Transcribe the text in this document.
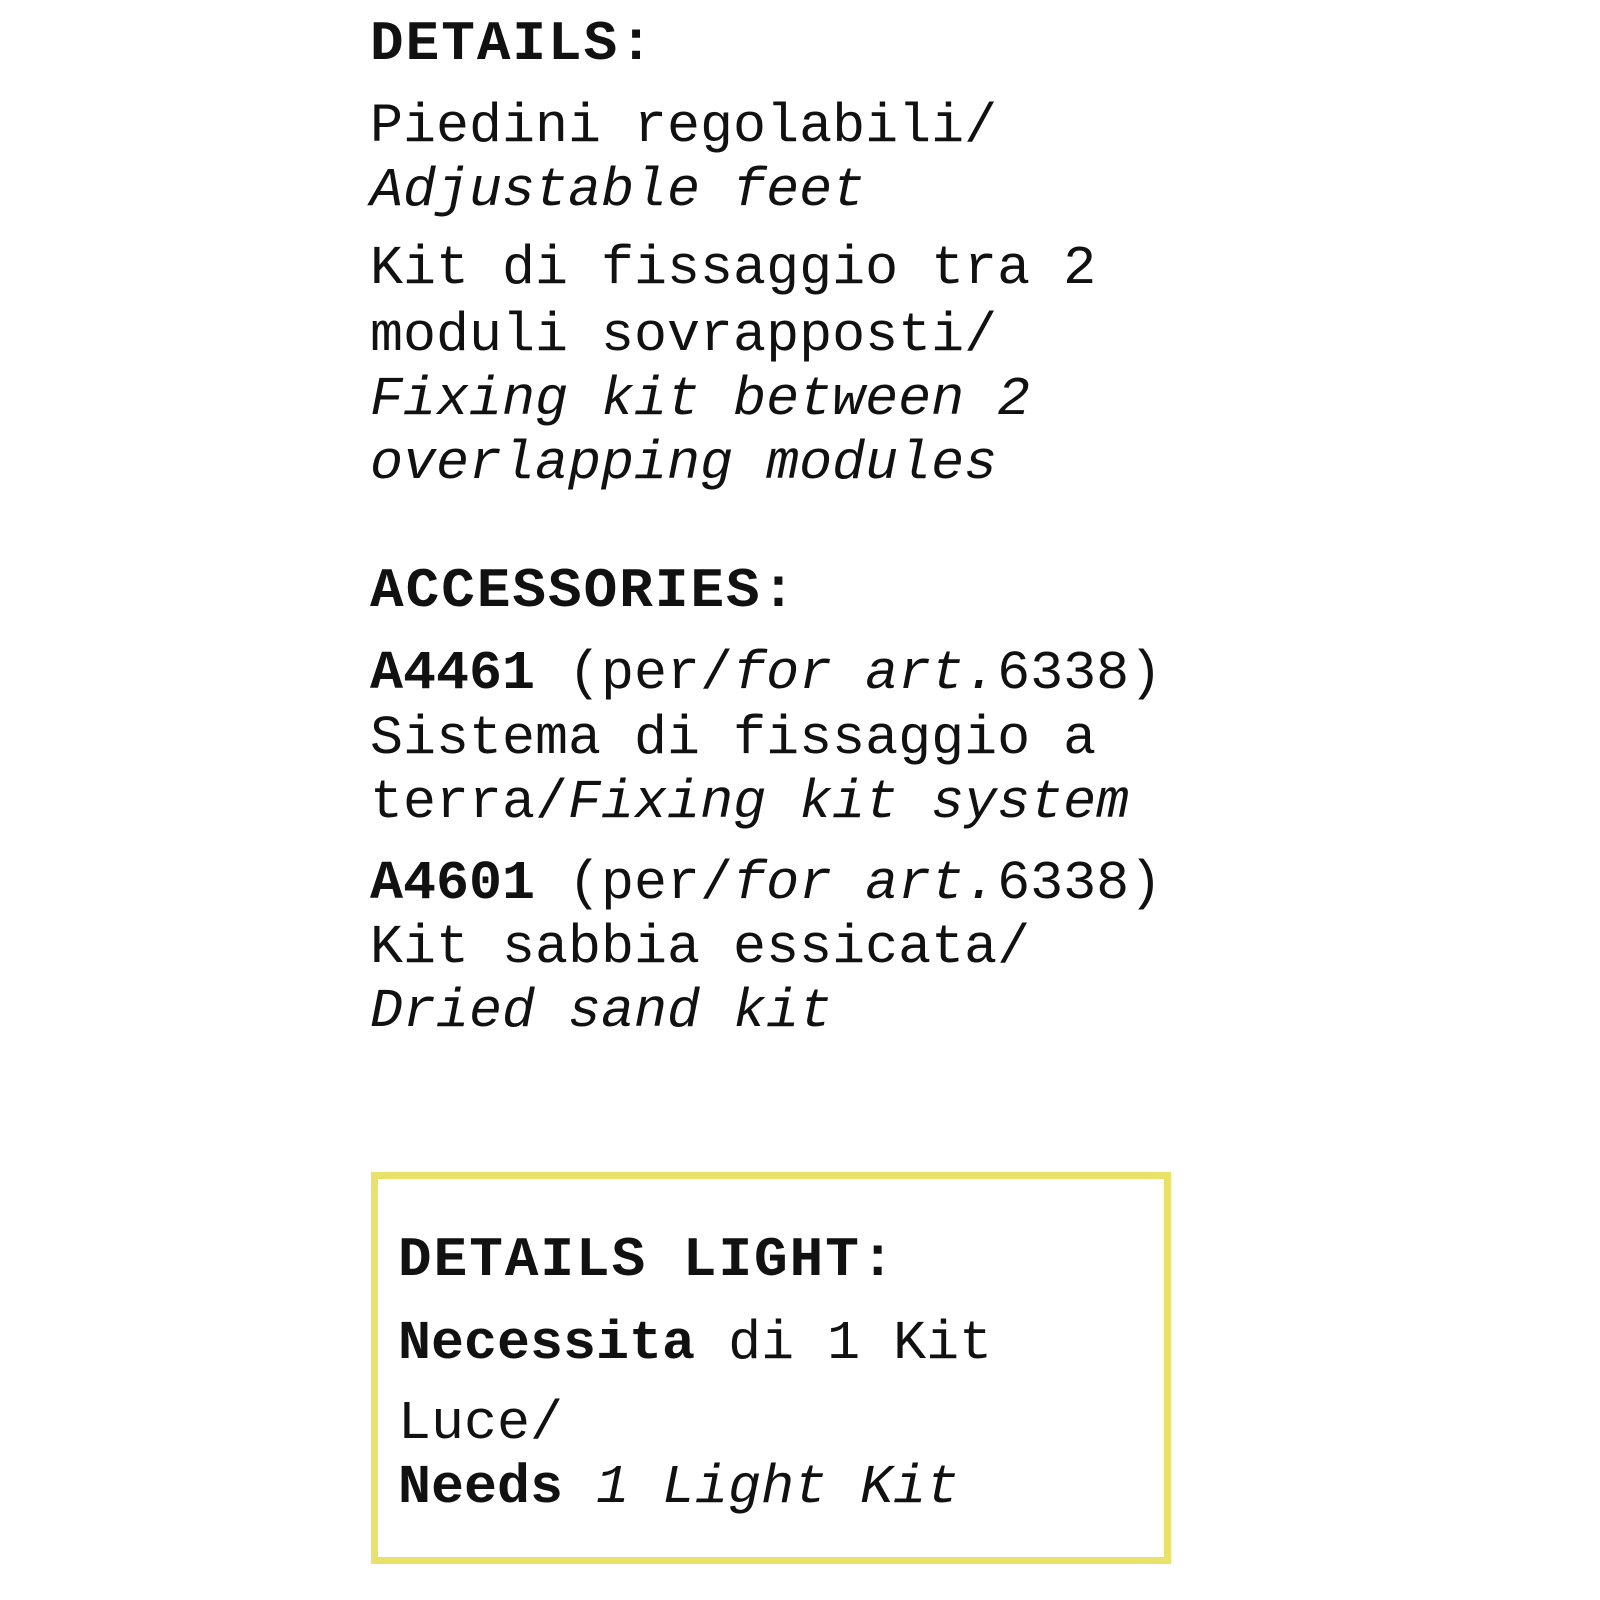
DETAILS:

Piedini regolabili/

Adjustable feet

Kit di fissaggio tra 2

moduli sovrapposti/

Fixing kit between 2

overlapping modules

ACCESSORIES:

A4461 (per/for art.6338)

Sistema di fissaggio a

terra/Fixing kit system

A4601 (per/for art.6338)

Kit sabbia essicata/

Dried sand kit

DETAILS LIGHT:

Necessita di 1 Kit

Luce/

Needs 1 Light Kit
